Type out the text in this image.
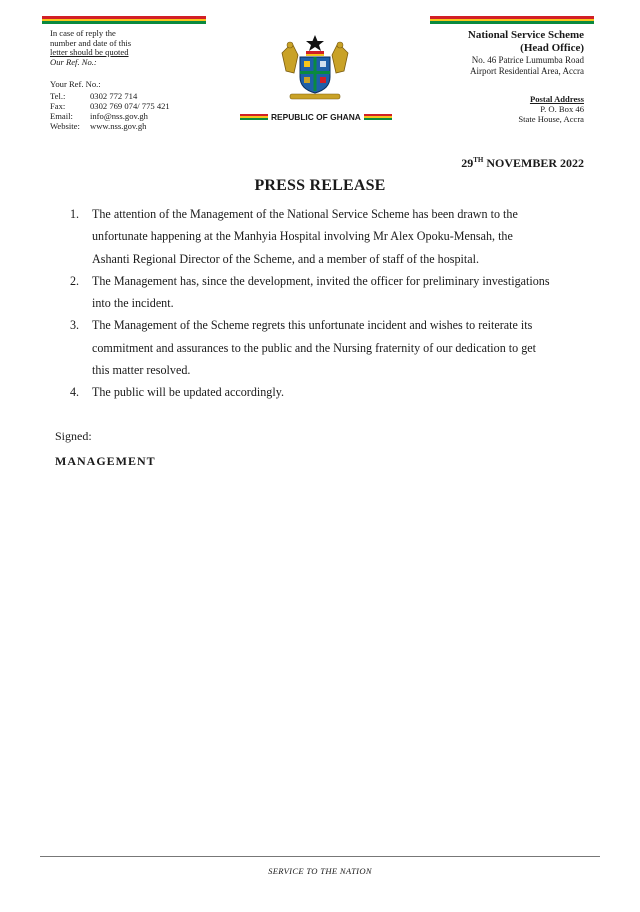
In case of reply the
number and date of this
letter should be quoted
Our Ref. No.:
Your Ref. No.:
Tel.:	0302 772 714
Fax:	0302 769 074/ 775 421
Email:	info@nss.gov.gh
Website:	www.nss.gov.gh
REPUBLIC OF GHANA
National Service Scheme
(Head Office)
No. 46 Patrice Lumumba Road
Airport Residential Area, Accra
Postal Address
P. O. Box 46
State House, Accra
29TH NOVEMBER 2022
PRESS RELEASE
1.	The attention of the Management of the National Service Scheme has been drawn to the
unfortunate happening at the Manhyia Hospital involving Mr Alex Opoku-Mensah, the
Ashanti Regional Director of the Scheme, and a member of staff of the hospital.
2.	The Management has, since the development, invited the officer for preliminary investigations
into the incident.
3.	The Management of the Scheme regrets this unfortunate incident and wishes to reiterate its
commitment and assurances to the public and the Nursing fraternity of our dedication to get
this matter resolved.
4.	The public will be updated accordingly.
Signed:
MANAGEMENT
SERVICE TO THE NATION
